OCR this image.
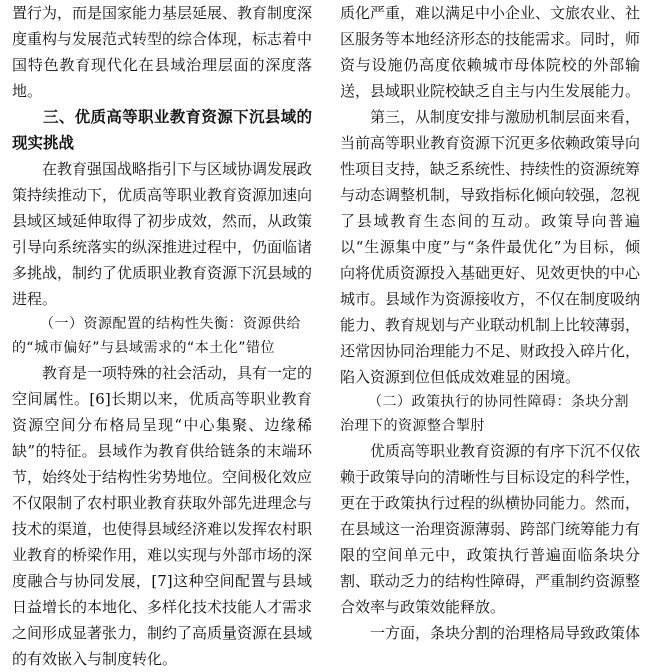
置行为，而是国家能力基层延展、教育制度深度重构与发展范式转型的综合体现，标志着中国特色教育现代化在县域治理层面的深度落地。

三、优质高等职业教育资源下沉县域的现实挑战

在教育强国战略指引下与区域协调发展政策持续推动下，优质高等职业教育资源加速向县域区域延伸取得了初步成效，然而，从政策引导向系统落实的纵深推进过程中，仍面临诸多挑战，制约了优质职业教育资源下沉县域的进程。

（一）资源配置的结构性失衡：资源供给的“城市偏好”与县域需求的“本土化”错位

教育是一项特殊的社会活动，具有一定的空间属性。[6]长期以来，优质高等职业教育资源空间分布格局呈现“中心集聚、边缘稀缺”的特征。县域作为教育供给链条的末端环节，始终处于结构性劣势地位。空间极化效应不仅限制了农村职业教育获取外部先进理念与技术的渠道，也使得县域经济难以发挥农村职业教育的桥梁作用，难以实现与外部市场的深度融合与协同发展，[7]这种空间配置与县域日益增长的本地化、多样化技术技能人才需求之间形成显著张力，制约了高质量资源在县域的有效嵌入与制度转化。

质化严重，难以满足中小企业、文旅农业、社区服务等本地经济形态的技能需求。同时，师资与设施仍高度依赖城市母体院校的外部输送，县域职业院校缺乏自主与内生发展能力。

第三，从制度安排与激励机制层面来看，当前高等职业教育资源下沉更多依赖政策导向性项目支持，缺乏系统性、持续性的资源统筹与动态调整机制，导致指标化倾向较强，忽视了县域教育生态间的互动。政策导向普遍以“生源集中度”与“条件最优化”为目标，倾向将优质资源投入基础更好、见效更快的中心城市。县域作为资源接收方，不仅在制度吸纳能力、教育规划与产业联动机制上比较薄弱，还常因协同治理能力不足、财政投入碎片化，陷入资源到位但低成效难显的困境。

（二）政策执行的协同性障碍：条块分割治理下的资源整合掣肘

优质高等职业教育资源的有序下沉不仅依赖于政策导向的清晰性与目标设定的科学性，更在于政策执行过程的纵横协同能力。然而，在县域这一治理资源薄弱、跨部门统筹能力有限的空间单元中，政策执行普遍面临条块分割、联动乏力的结构性障碍，严重制约资源整合效率与政策效能释放。

一方面，条块分割的治理格局导致政策体
